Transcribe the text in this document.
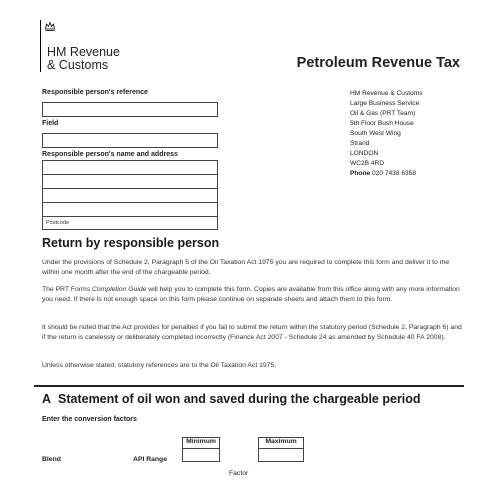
HM Revenue
& Customs	Petroleum Revenue Tax
Responsible person's reference
Field
Responsible person's name and address
Postcode
HM Revenue & Customs
Large Business Service
Oil & Gas (PRT Team)
5th Floor Bush House
South West Wing
Strand
LONDON
WC2B 4RD
Phone 020 7438 6358
Return by responsible person

Under the provisions of Schedule 2, Paragraph 5 of the Oil Taxation Act 1975 you are required to complete this form and deliver it to me within one month after the end of the chargeable period.

The PRT Forms Completion Guide will help you to complete this form. Copies are available from this office along with any more information you need. If there is not enough space on this form please continue on separate sheets and attach them to this form.

It should be noted that the Act provides for penalties if you fail to submit the return within the statutory period (Schedule 2, Paragraph 6) and if the return is carelessly or deliberately completed incorrectly (Finance Act 2007 - Schedule 24 as amended by Schedule 40 FA 2008).

Unless otherwise stated, statutory references are to the Oil Taxation Act 1975.

A Statement of oil won and saved during the chargeable period
Enter the conversion factors
Minimum	Maximum
Blend	API Range
Factor
